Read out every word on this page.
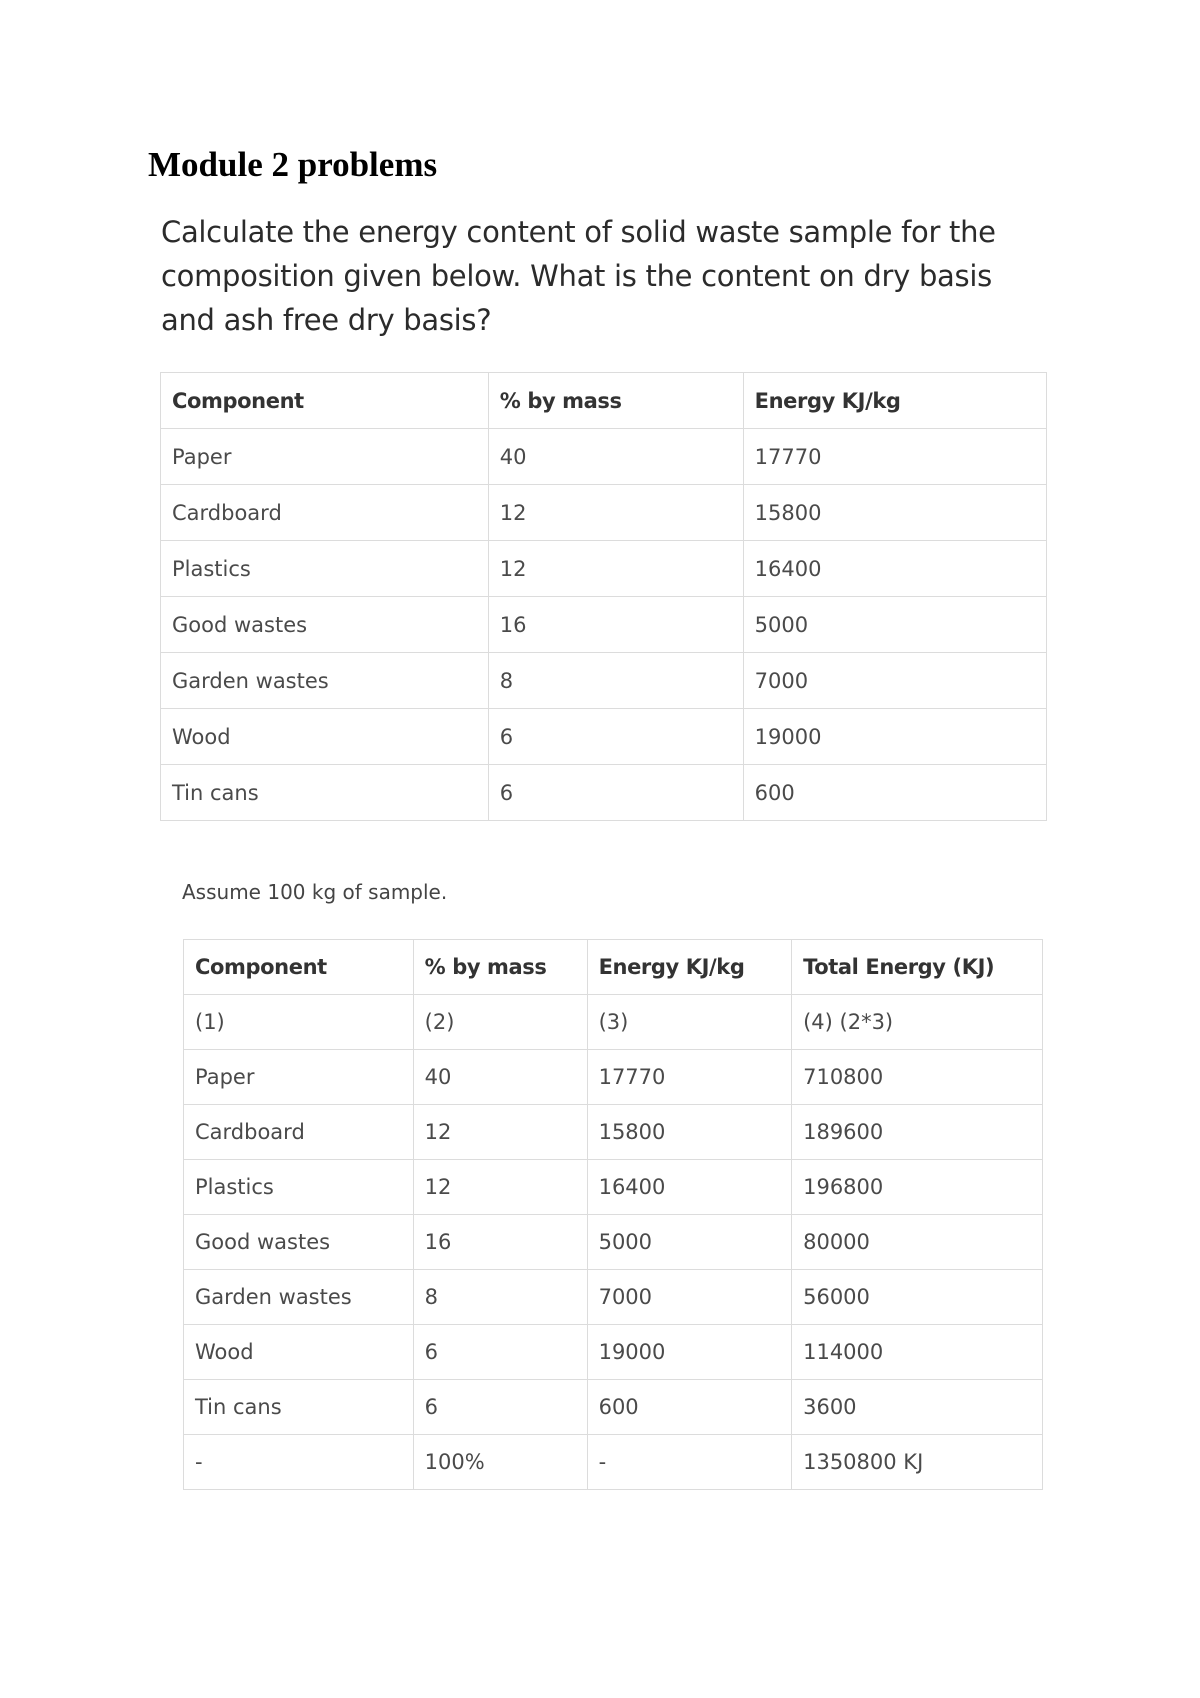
Module 2 problems

Calculate the energy content of solid waste sample for the composition given below. What is the content on dry basis and ash free dry basis?

Component	% by mass	Energy KJ/kg
Paper	40	17770
Cardboard	12	15800
Plastics	12	16400
Good wastes	16	5000
Garden wastes	8	7000
Wood	6	19000
Tin cans	6	600

Assume 100 kg of sample.

Component	% by mass	Energy KJ/kg	Total Energy (KJ)
(1)	(2)	(3)	(4) (2*3)
Paper	40	17770	710800
Cardboard	12	15800	189600
Plastics	12	16400	196800
Good wastes	16	5000	80000
Garden wastes	8	7000	56000
Wood	6	19000	114000
Tin cans	6	600	3600
-	100%	-	1350800 KJ
